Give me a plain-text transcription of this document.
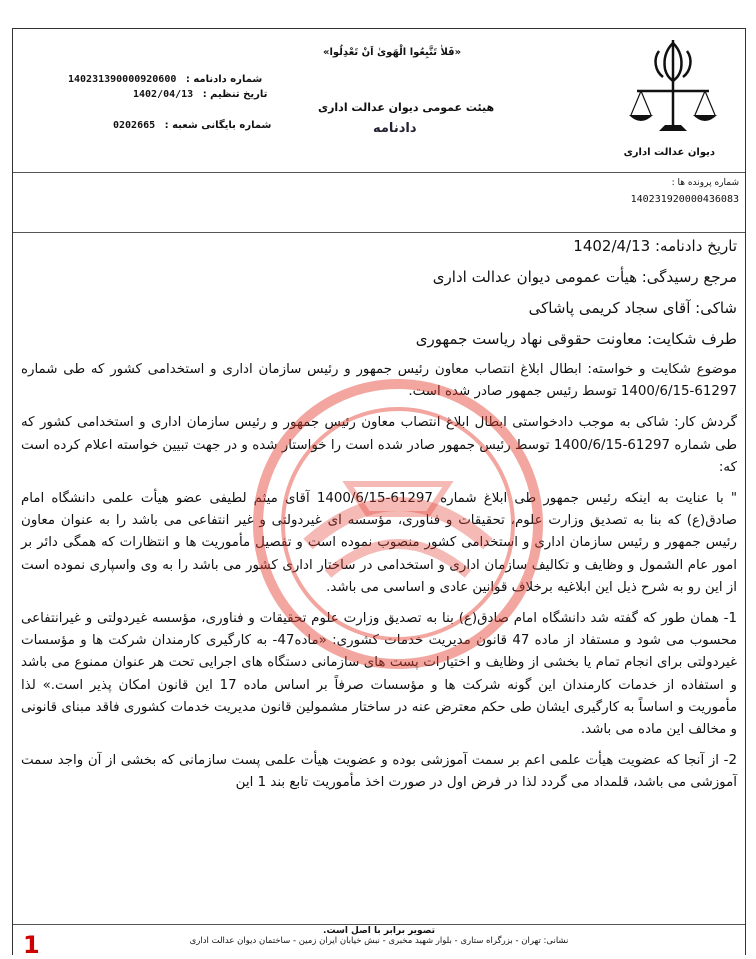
دیوان عدالت اداری
«فَلاٰ تَتَّبِعُوا الْهَوىٰ اَنْ تَعْدِلُوا»
هیئت عمومی دیوان عدالت اداری
دادنامه
شماره دادنامه : 140231390000920600
تاریخ تنظیم : 1402/04/13
شماره بایگانی شعبه : 0202665
شماره پرونده ها :
140231920000436083

تاریخ دادنامه: 1402/4/13

مرجع رسیدگی: هیأت عمومی دیوان عدالت اداری

شاکی: آقای سجاد کریمی پاشاکی

طرف شکایت: معاونت حقوقی نهاد ریاست جمهوری

موضوع شکایت و خواسته: ابطال ابلاغ انتصاب معاون رئیس جمهور و رئیس سازمان اداری و استخدامی کشور که طی شماره 61297-1400/6/15 توسط رئیس جمهور صادر شده است.

گردش کار: شاکی به موجب دادخواستی ابطال ابلاغ انتصاب معاون رئیس جمهور و رئیس سازمان اداری و استخدامی کشور که طی شماره 61297-1400/6/15 توسط رئیس جمهور صادر شده است را خواستار شده و در جهت تبیین خواسته اعلام کرده است که:

" با عنایت به اینکه رئیس جمهور طی ابلاغ شماره 61297-1400/6/15 آقای میثم لطیفی عضو هیأت علمی دانشگاه امام صادق(ع) که بنا به تصدیق وزارت علوم، تحقیقات و فناوری، مؤسسه ای غیردولتی و غیر انتفاعی می باشد را به عنوان معاون رئیس جمهور و رئیس سازمان اداری و استخدامی کشور منصوب نموده است و تفصیل مأموریت ها و انتظارات که همگی دائر بر امور عام الشمول و وظایف و تکالیف سازمان اداری و استخدامی در ساختار اداری کشور می باشد را به وی واسپاری نموده است از این رو به شرح ذیل این ابلاغیه برخلاف قوانین عادی و اساسی می باشد.

1- همان طور که گفته شد دانشگاه امام صادق(ع) بنا به تصدیق وزارت علوم تحقیقات و فناوری، مؤسسه غیردولتی و غیرانتفاعی محسوب می شود و مستفاد از ماده 47 قانون مدیریت خدمات کشوری: «ماده47- به کارگیری کارمندان شرکت ها و مؤسسات غیردولتی برای انجام تمام یا بخشی از وظایف و اختیارات پست های سازمانی دستگاه های اجرایی تحت هر عنوان ممنوع می باشد و استفاده از خدمات کارمندان این گونه شرکت ها و مؤسسات صرفاً بر اساس ماده 17 این قانون امکان پذیر است.» لذا مأموریت و اساساً به کارگیری ایشان طی حکم معترض عنه در ساختار مشمولین قانون مدیریت خدمات کشوری فاقد مبنای قانونی و مخالف این ماده می باشد.

2- از آنجا که عضویت هیأت علمی اعم بر سمت آموزشی بوده و عضویت هیأت علمی پست سازمانی که بخشی از آن واجد سمت آموزشی می باشد، قلمداد می گردد لذا در فرض اول در صورت اخذ مأموریت تابع بند 1 این

1	تصویر برابر با اصل است.
نشانی: تهران - بزرگراه ستاری - بلوار شهید مخبری - نبش خیابان ایران زمین - ساختمان دیوان عدالت اداری
